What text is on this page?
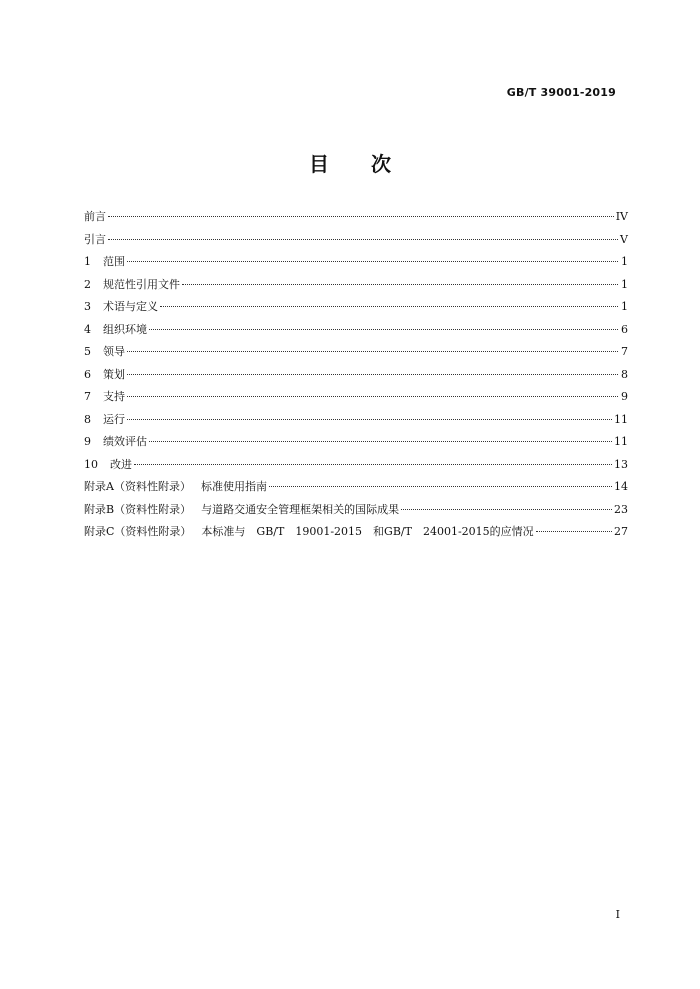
GB/T 39001-2019
目 次
前言	IV
引言	V
1 范围	1
2 规范性引用文件	1
3 术语与定义	1
4 组织环境	6
5 领导	7
6 策划	8
7 支持	9
8 运行	11
9 绩效评估	11
10 改进	13
附录A（资料性附录） 标准使用指南	14
附录B（资料性附录） 与道路交通安全管理框架相关的国际成果	23
附录C（资料性附录） 本标准与　GB/T　19001-2015　和GB/T　24001-2015的应情况	27
I
